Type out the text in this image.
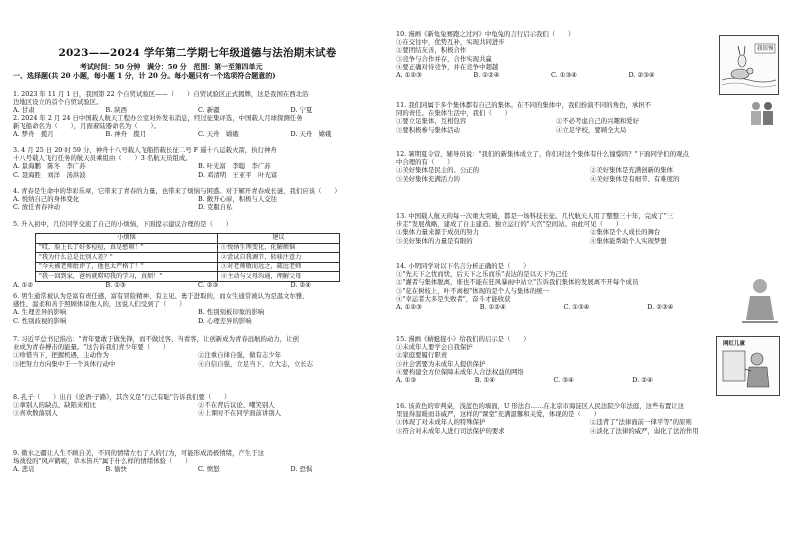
2023——2024 学年第二学期七年级道德与法治期末试卷
考试时间：50 分钟　满分：50 分　范围：第一至第四单元
一、选择题(共 20 小题，每小题 1 分，计 20 分。每小题只有一个选项符合题意的)
1. 2023 年 11 月 1 日，我国第 22 个自贸试验区——（　　）自贸试验区正式揭牌，这是我国在西北沿
边地区设立的首个自贸试验区。
A. 甘肃	B. 陕西	C. 新疆	D. 宁夏
2. 2024 年 2 月 24 日中国载人航天工程办公室对外发布消息，经过征集评选，中国载人月球探测任务
新飞船命名为（　　），月面着陆器命名为（　　）。
A. 梦舟　揽月	B. 神舟　揽月	C. 天舟　嫦娥	D. 天舟　嫦娥
3. 4 月 25 日 20 时 59 分，神舟十八号载人飞船搭载长征二号 F 遥十八运载火箭，执行神舟
十八号载人飞行任务的航天员乘组由（　　）3 名航天员组成。
A. 景海鹏　陈冬　李广苏	B. 叶光富　李聪　李广苏
C. 聂海胜　刘洋　汤洪波	D. 邓清明　王亚平　叶光富
4. 青春是生命中的华彩乐章，它带来了青春的力量，也带来了烦恼与困惑。对于解开青春成长谜，我们应该（　　）
A. 悦纳自己的身体变化	B. 敞开心扉，积极与人交往
C. 放任青春冲动	D. 克服自私
5. 升入初中，几位同学交流了自己的小烦恼，下面提示建议合理的是（　　）
小烦恼	建议
"哎，脸上长了好多痘痘，真是愁呀！"	①悦纳生理变化，化解烦恼
"我为什么总是比别人差？"	②尝试自我调节，转移注意力
"今天被老师批评了，他也太严格了！"	③对老师敬而远之，疏远老师
"我一回到家，爸妈就唠叨我的学习，真烦！"	④主动与父母沟通，理解父母
A. ①②	B. ①③	C. ②③	D. ②④
6. 男生通常被认为是富有责任感、富有冒险精神、有主见、勇于进取的，而女生通常被认为是温文尔雅、
感性、温柔和善于照顾体谅他人的，这说人们受到了（　　）
A. 生理差异的影响	B. 性别刻板印象的影响
C. 性别歧视的影响	D. 心理差异的影响
7. 习近平总书记指出："青年要敢于做先锋，而不做过客、当看客，让创新成为青春远航的动力，让创
业成为青春搏击的能量。"这告诉我们青少年要（　　）
①珍惜当下，把握机遇，主动作为	②注重自律自强，做有志少年
③把努力方向集中于一个具体行动中	④自信自强，立足当下，立大志，立长志
8. 孔子（　　）出自《论语·子路》，其含义是"行己有耻"告诉我们要（　　）
①拿别人的缺点、缺陷来相比	②不在背后议论、嘲笑别人
③喜欢数落别人	④上课时不在同学面前讲别人
9. 微水之疆让人生不顾自美，不同的情绪左右了人的行为，可能形成消极情绪，产生于这
场战役的"风声鹤唳，草木皆兵"属于什么样的情绪体验（　　）
A. 悲哀	B. 愉快	C. 愤怒	D. 恐惧
10. 漫画《新龟兔赛跑之过河》中龟兔的言行启示我们（　　）
①在交往中，优势互补，实现共同进步
②要团结友善，积极合作
③竞争与合作并存，合作实现共赢
④要正确对待竞争，并在竞争中超越
A. ①②③	B. ①②④	C. ①③④	D. ②③④
我很慢
11. 我们同属于多个集体都有自己的集体。在不同的集体中，我们扮演不同的角色，承担不
同的责任。在集体生活中，我们（　　）
①要立足集体，互相包容	②不必考虑自己的兴趣和爱好
③要积极参与集体活动	④立足学校，要顾全大局
12. 暑期夏令营，辅导员说："我们的新集体成立了，你们对这个集体有什么憧憬吗？"下面同学们的观点
中合理的有（　　）
①美好集体是民主的、公正的	②美好集体是充满创新的集体
③美好集体充满活力的	④美好集体是有细节、有难度的
13. 中国载人航天的每一次重大突破，都是一场科技长征。几代航天人用了整整三十年，完成了"三
步走"发展战略，建成了自主建造、独立运行的"天宫"空间站。由此可见（　　）
①集体力量来源于成员的努力	②集体是个人成长的舞台
③美好集体的力量是有限的	④集体能帮助个人实现梦想
14. 小明同学对以下名言分析正确的是（　　）
①"先天下之忧而忧，后天下之乐而乐"表达的是以天下为己任
②"灌者与集体脱离，谁也不能在狂风暴雨中站立"告诉我们集体的发展离不开每个成员
③"花在树枝上，叶不离根"体现的是个人与集体的统一
④"幸运者大多是失败者"，奋斗才能收获
A. ①②③	B. ①②④	C. ①③④	D. ②③④
15. 漫画《蜻蜓捉小》给我们的启示是（　　）
①未成年人要学会自我保护
②家庭要履行职责
③社会需要为未成年人提供保护
④要构建全方位保障未成年人合法权益的网络
A. ①③	B. ①④	C. ③④	D. ②④
网红儿童
16. 该黄色的审判桌，浅蓝色的墙面，U 形法台……在北京市海淀区人民法院少年法庭，这些布置让这
里显得温暖而非威严，这样的"课堂"充满温馨和关爱，体现的是（　　）
①体现了对未成年人的特殊保护	②违背了"法律面前一律平等"的原则
③符合对未成年人进行司法保护的要求	④淡化了法律的威严，弱化了法治作用
